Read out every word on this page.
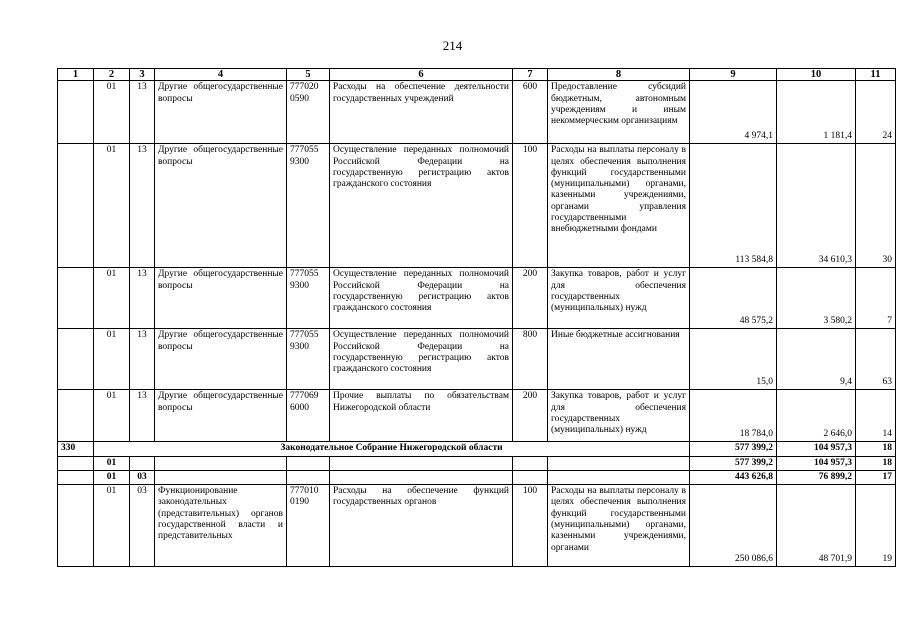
214
1	2	3	4	5	6	7	8	9	10	11
	01	13	Другие общегосударственные вопросы	777020 0590	Расходы на обеспечение деятельности государственных учреждений	600	Предоставление субсидий бюджетным, автономным учреждениям и иным некоммерческим организациям	4 974,1	1 181,4	24
	01	13	Другие общегосударственные вопросы	777055 9300	Осуществление переданных полномочий Российской Федерации на государственную регистрацию актов гражданского состояния	100	Расходы на выплаты персоналу в целях обеспечения выполнения функций государственными (муниципальными) органами, казенными учреждениями, органами управления государственными внебюджетными фондами	113 584,8	34 610,3	30
	01	13	Другие общегосударственные вопросы	777055 9300	Осуществление переданных полномочий Российской Федерации на государственную регистрацию актов гражданского состояния	200	Закупка товаров, работ и услуг для обеспечения государственных (муниципальных) нужд	48 575,2	3 580,2	7
	01	13	Другие общегосударственные вопросы	777055 9300	Осуществление переданных полномочий Российской Федерации на государственную регистрацию актов гражданского состояния	800	Иные бюджетные ассигнования	15,0	9,4	63
	01	13	Другие общегосударственные вопросы	777069 6000	Прочие выплаты по обязательствам Нижегородской области	200	Закупка товаров, работ и услуг для обеспечения государственных (муниципальных) нужд	18 784,0	2 646,0	14
330	Законодательное Собрание Нижегородской области							577 399,2	104 957,3	18
	01							577 399,2	104 957,3	18
	01	03						443 626,8	76 899,2	17
	01	03	Функционирование законодательных (представительных) органов государственной власти и представительных	777010 0190	Расходы на обеспечение функций государственных органов	100	Расходы на выплаты персоналу в целях обеспечения выполнения функций государственными (муниципальными) органами, казенными учреждениями, органами	250 086,6	48 701,9	19
